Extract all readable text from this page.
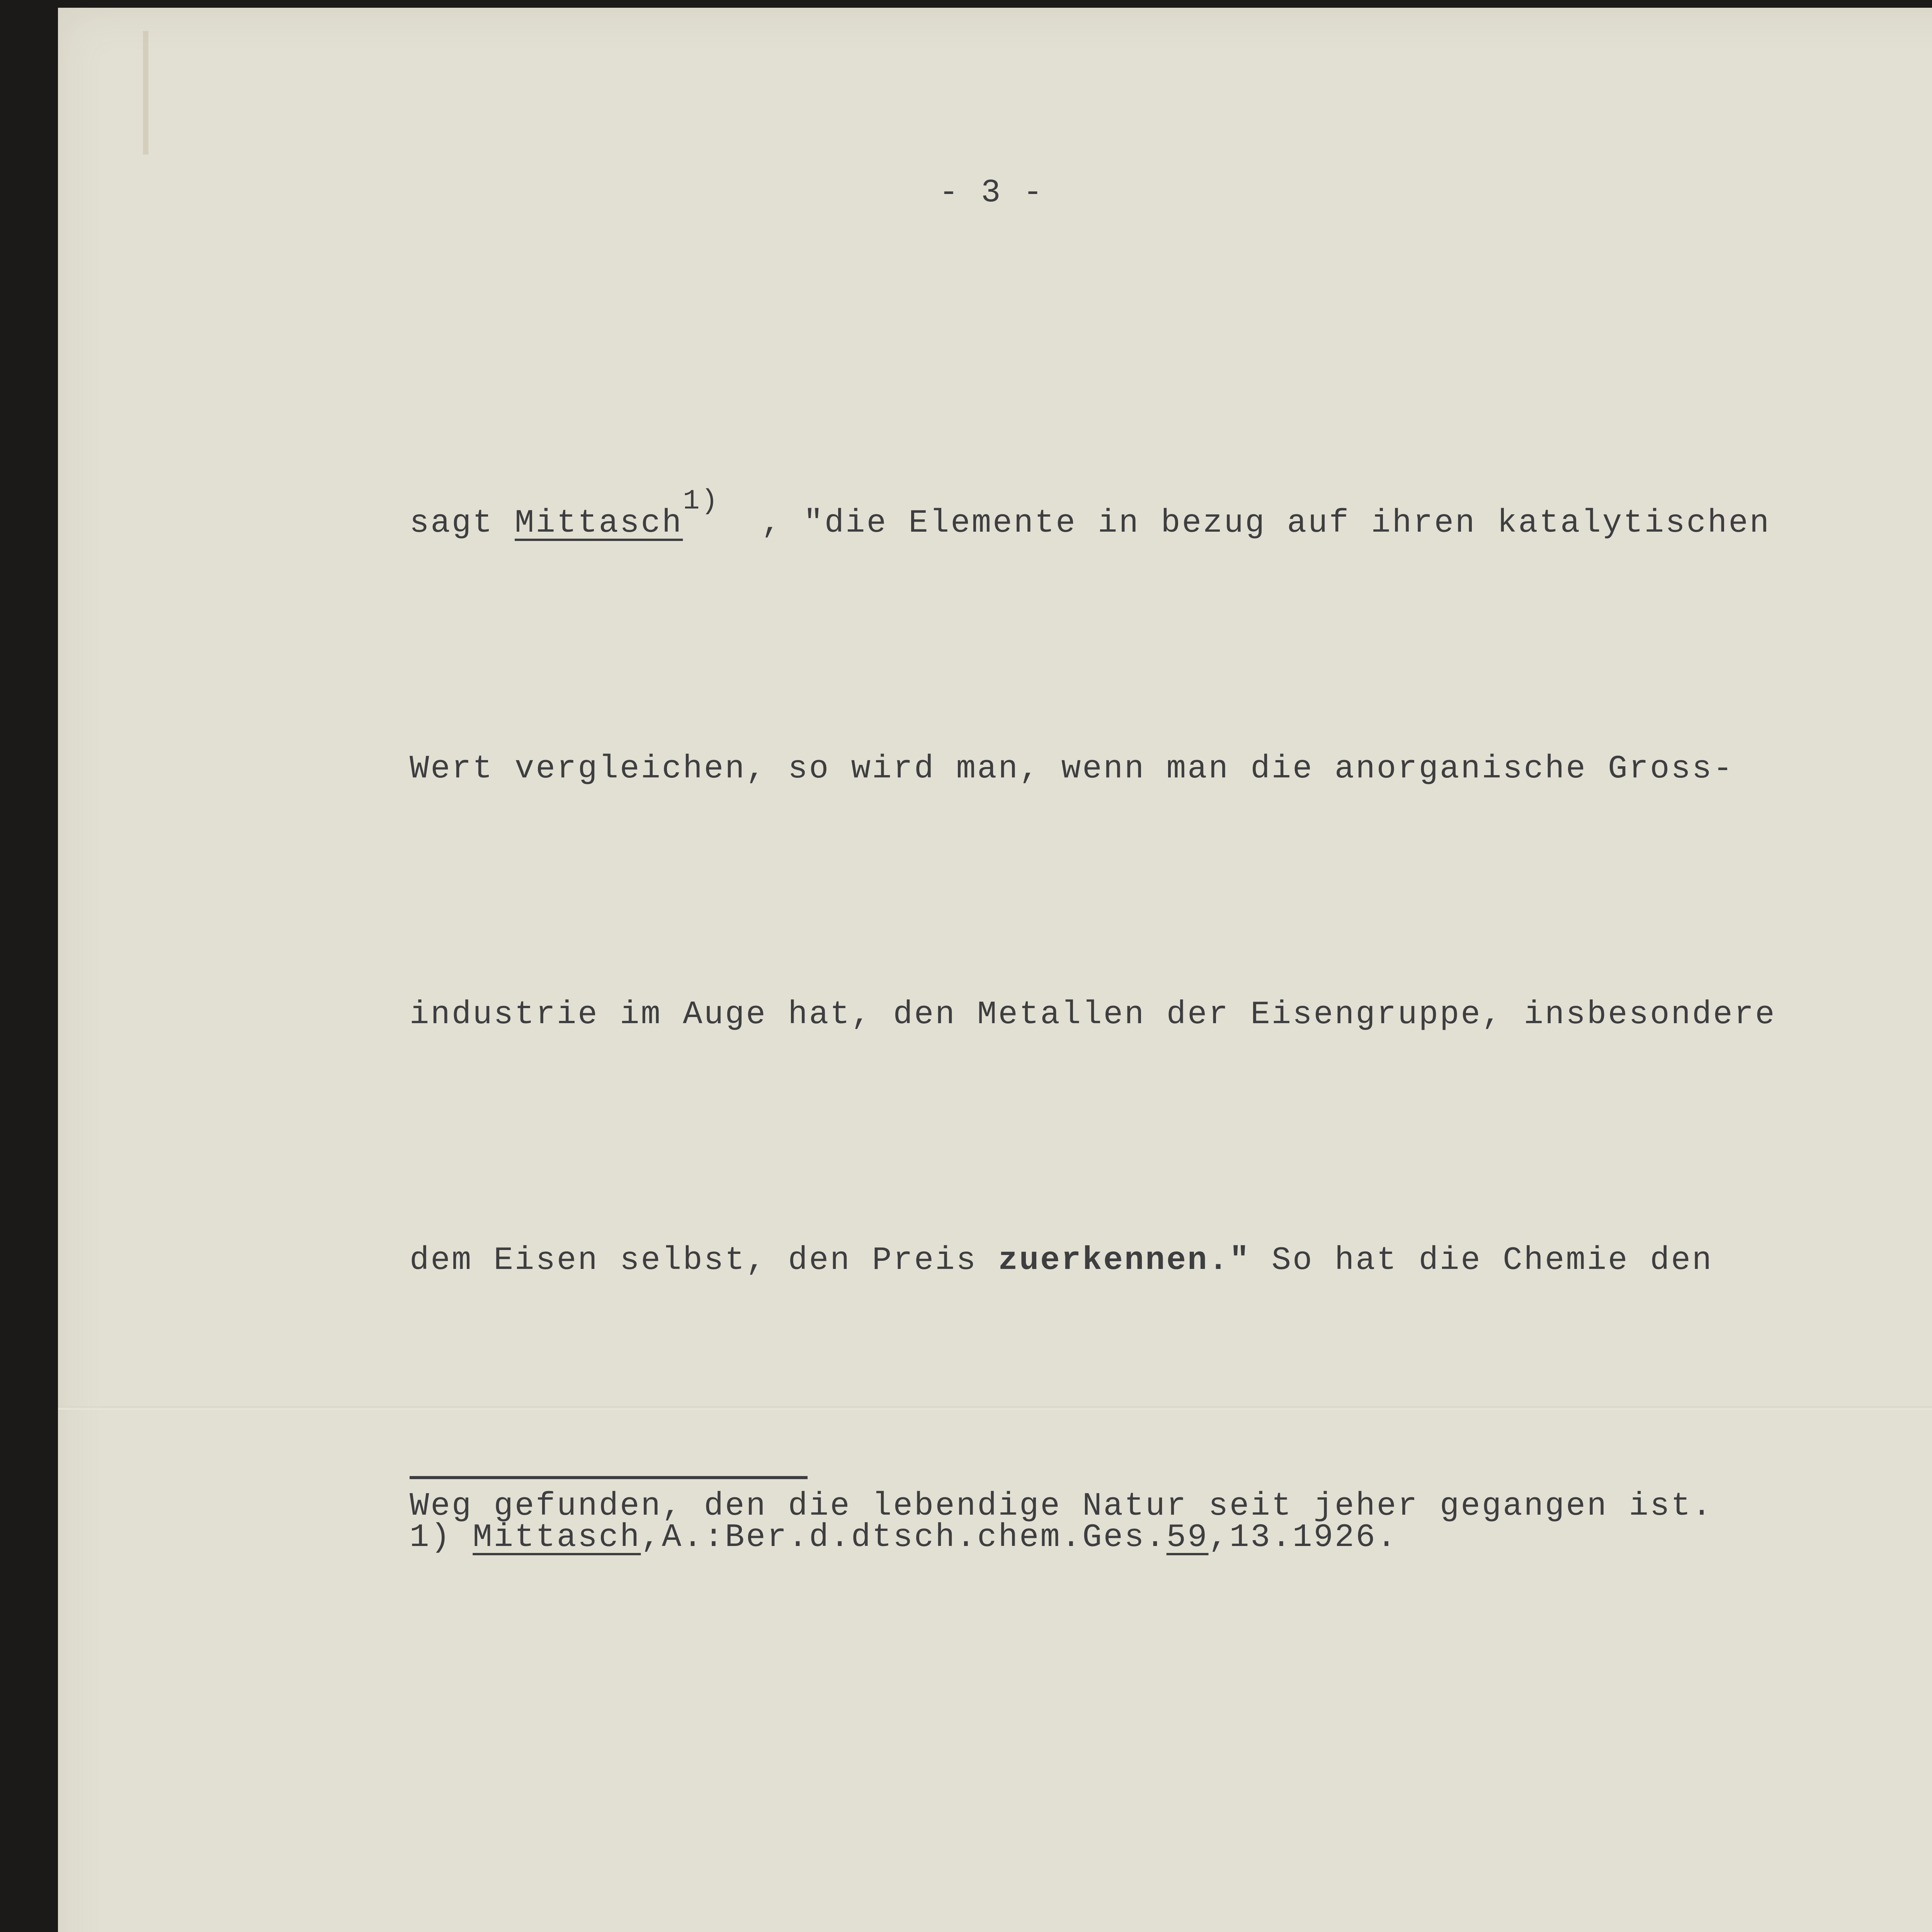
- 3 -

sagt Mittasch1)  , "die Elemente in bezug auf ihren katalytischen

Wert vergleichen, so wird man, wenn man die anorganische Gross-

industrie im Auge hat, den Metallen der Eisengruppe, insbesondere

dem Eisen selbst, den Preis zuerkennen." So hat die Chemie den

Weg gefunden, den die lebendige Natur seit jeher gegangen ist.

1) Mittasch,A.:Ber.d.dtsch.chem.Ges.59,13.1926.
